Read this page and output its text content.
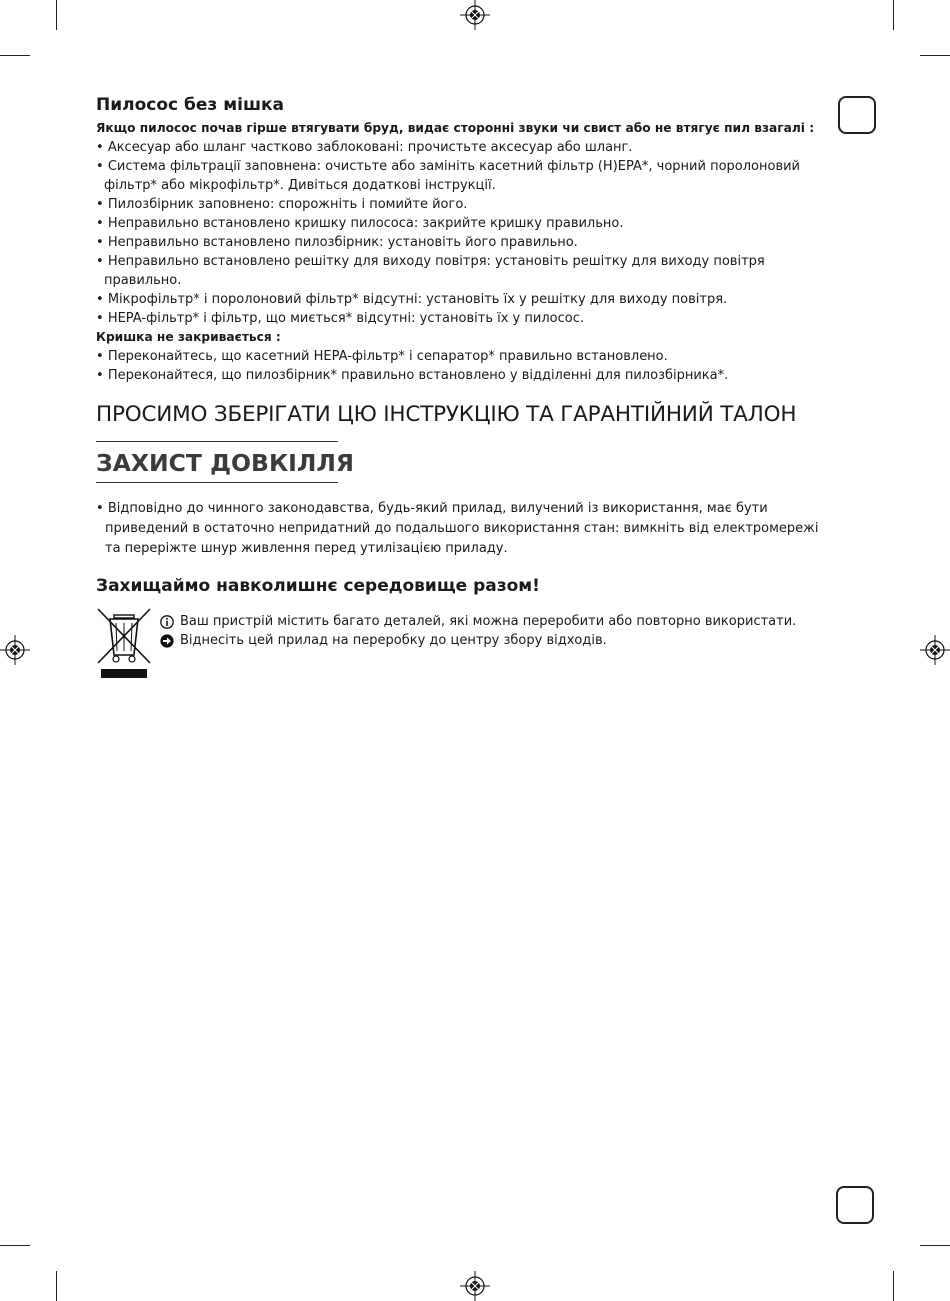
Пилосос без мішка

Якщо пилосос почав гірше втягувати бруд, видає сторонні звуки чи свист або не втягує пил взагалі :

• Аксесуар або шланг частково заблоковані: прочистьте аксесуар або шланг.
• Система фільтрації заповнена: очистьте або замініть касетний фільтр (H)EPA*, чорний поролоновий фільтр* або мікрофільтр*. Дивіться додаткові інструкції.
• Пилозбірник заповнено: спорожніть і помийте його.
• Неправильно встановлено кришку пилососа: закрийте кришку правильно.
• Неправильно встановлено пилозбірник: установіть його правильно.
• Неправильно встановлено решітку для виходу повітря: установіть решітку для виходу повітря правильно.
• Мікрофільтр* і поролоновий фільтр* відсутні: установіть їх у решітку для виходу повітря.
• HEPA-фільтр* і фільтр, що миється* відсутні: установіть їх у пилосос.

Кришка не закривається :

• Переконайтесь, що касетний HEPA-фільтр* і сепаратор* правильно встановлено.
• Переконайтеся, що пилозбірник* правильно встановлено у відділенні для пилозбірника*.
ПРОСИМО ЗБЕРІГАТИ ЦЮ ІНСТРУКЦІЮ ТА ГАРАНТІЙНИЙ ТАЛОН
ЗАХИСТ ДОВКІЛЛЯ
• Відповідно до чинного законодавства, будь-який прилад, вилучений із використання, має бути приведений в остаточно непридатний до подальшого використання стан: вимкніть від електромережі та переріжте шнур живлення перед утилізацією приладу.
Захищаймо навколишнє середовище разом!
Ваш пристрій містить багато деталей, які можна переробити або повторно використати.
Віднесіть цей прилад на переробку до центру збору відходів.
